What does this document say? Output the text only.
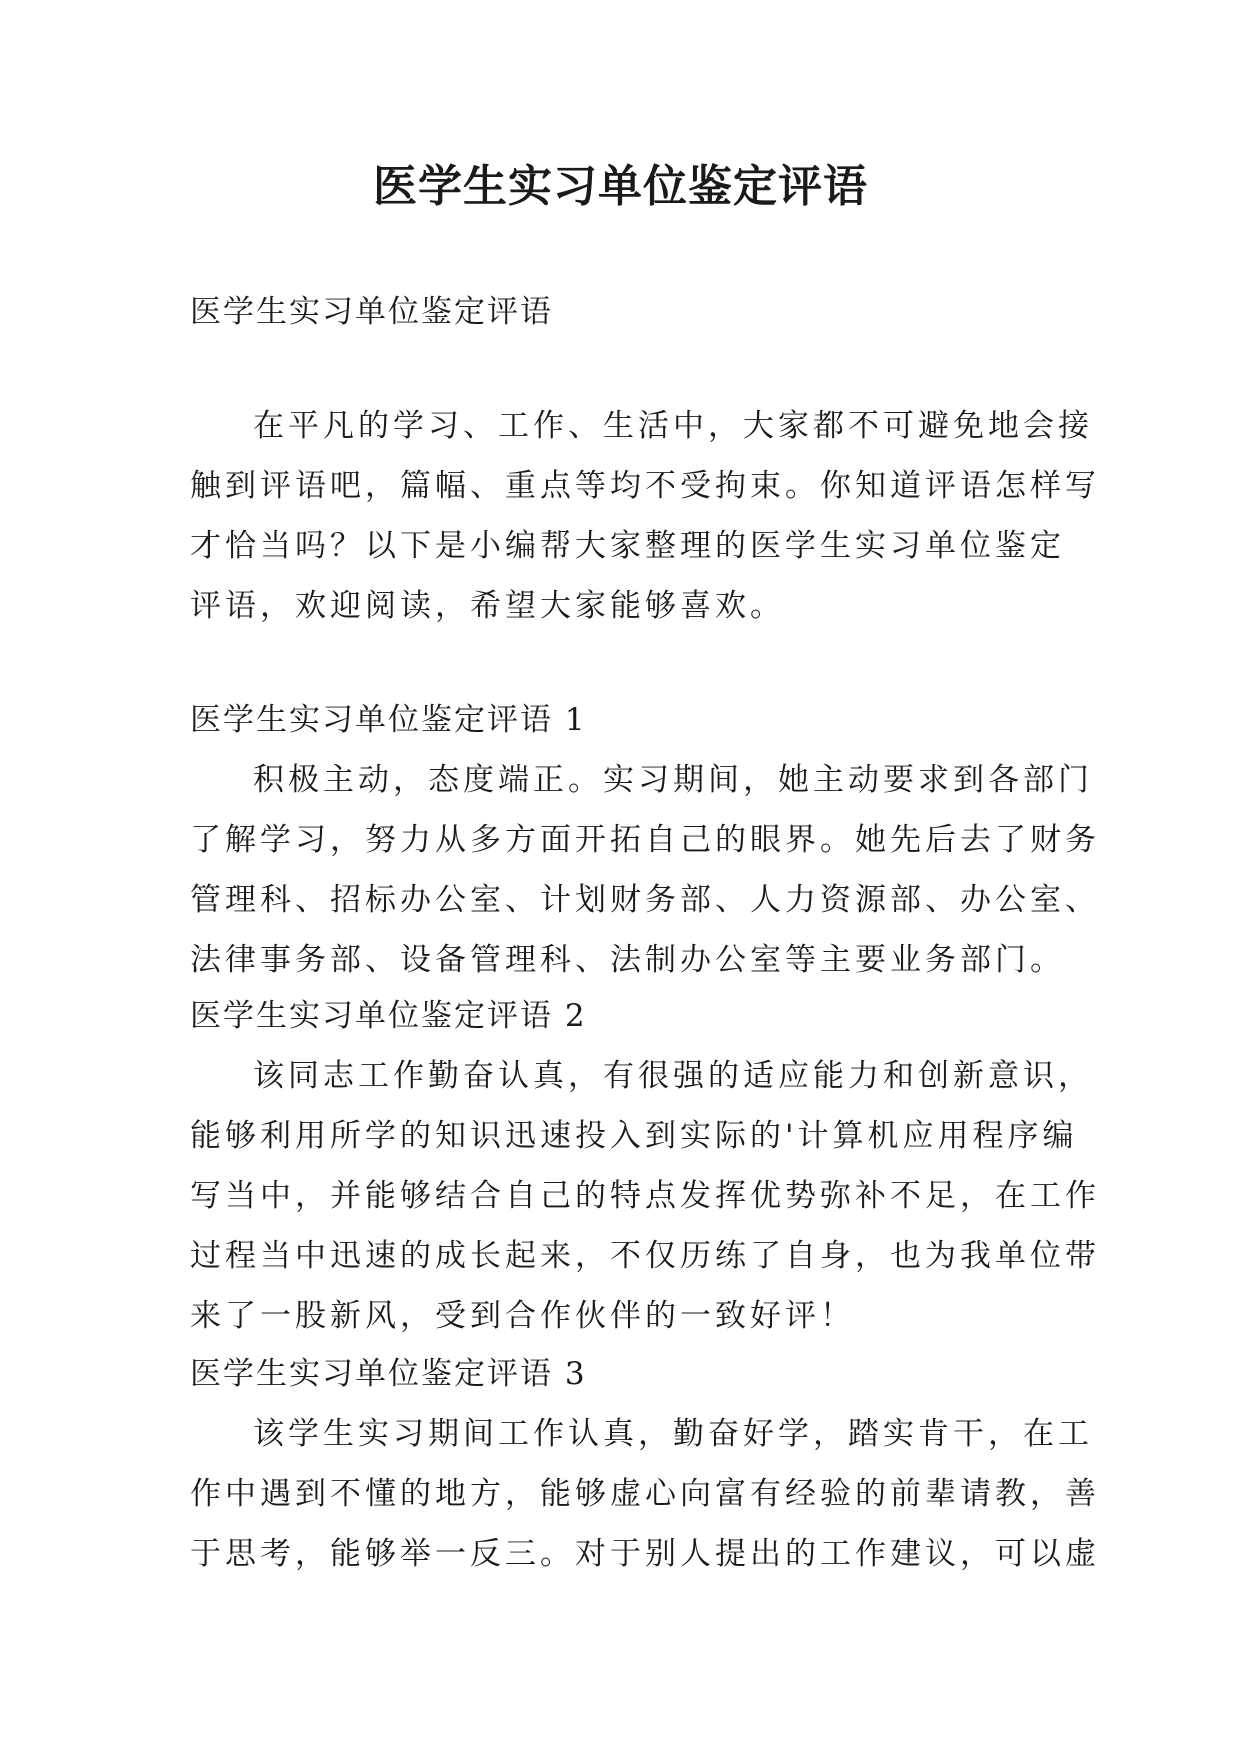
医学生实习单位鉴定评语
医学生实习单位鉴定评语
在平凡的学习、工作、生活中，大家都不可避免地会接
触到评语吧，篇幅、重点等均不受拘束。你知道评语怎样写
才恰当吗？以下是小编帮大家整理的医学生实习单位鉴定
评语，欢迎阅读，希望大家能够喜欢。
医学生实习单位鉴定评语 1
积极主动，态度端正。实习期间，她主动要求到各部门
了解学习，努力从多方面开拓自己的眼界。她先后去了财务
管理科、招标办公室、计划财务部、人力资源部、办公室、
法律事务部、设备管理科、法制办公室等主要业务部门。
医学生实习单位鉴定评语 2
该同志工作勤奋认真，有很强的适应能力和创新意识，
能够利用所学的知识迅速投入到实际的'计算机应用程序编
写当中，并能够结合自己的特点发挥优势弥补不足，在工作
过程当中迅速的成长起来，不仅历练了自身，也为我单位带
来了一股新风，受到合作伙伴的一致好评！
医学生实习单位鉴定评语 3
该学生实习期间工作认真，勤奋好学，踏实肯干，在工
作中遇到不懂的地方，能够虚心向富有经验的前辈请教，善
于思考，能够举一反三。对于别人提出的工作建议，可以虚
